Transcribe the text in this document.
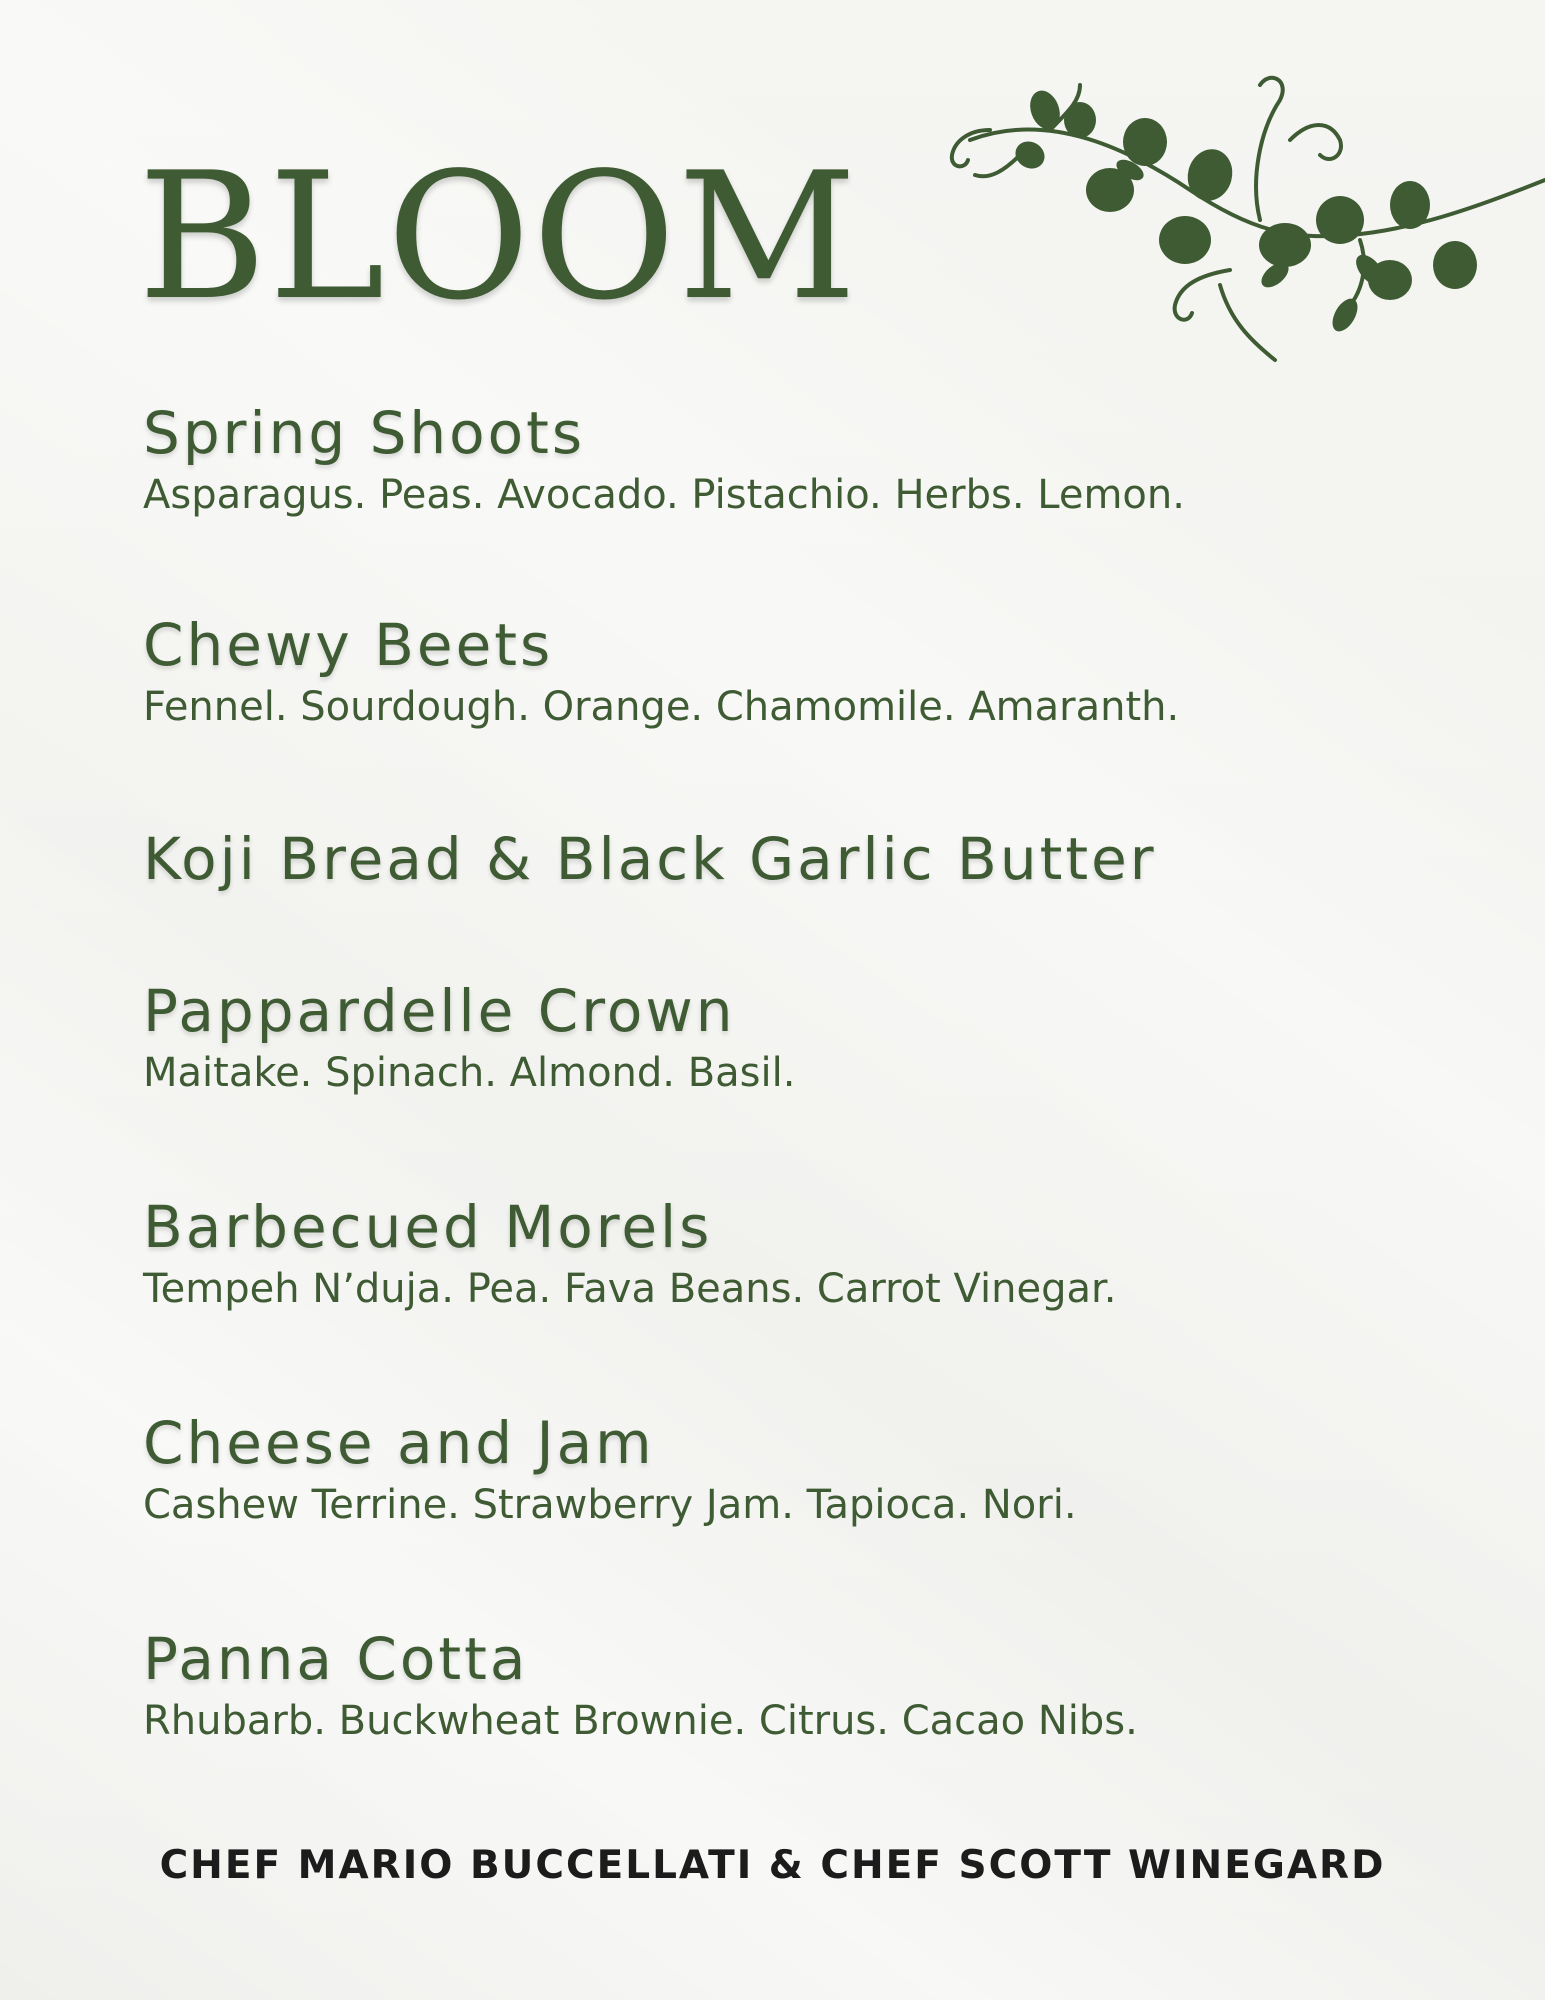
BLOOM

Spring Shoots

Asparagus. Peas. Avocado. Pistachio. Herbs. Lemon.

Chewy Beets

Fennel. Sourdough. Orange. Chamomile. Amaranth.

Koji Bread & Black Garlic Butter

Pappardelle Crown

Maitake. Spinach. Almond. Basil.

Barbecued Morels

Tempeh N’duja. Pea. Fava Beans. Carrot Vinegar.

Cheese and Jam

Cashew Terrine. Strawberry Jam. Tapioca. Nori.

Panna Cotta

Rhubarb. Buckwheat Brownie. Citrus. Cacao Nibs.

CHEF MARIO BUCCELLATI & CHEF SCOTT WINEGARD
